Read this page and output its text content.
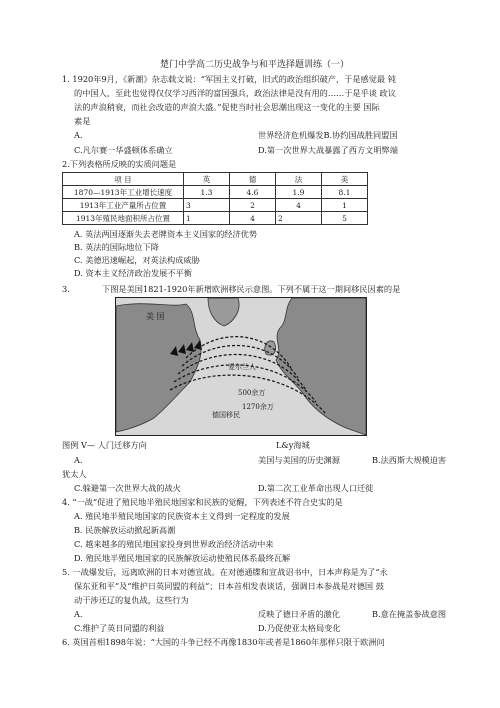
楚门中学高二历史战争与和平选择题训练（一）
1. 1920年9月，《新潮》杂志载文说：“军国主义打破，旧式的政治组织破产，于是感觉最 钝
的中国人，至此也觉得仅仅学习西洋的富国强兵，政治法律是没有用的……于是乎谈 政议
法的声浪稍衰，而社会改造的声浪大盛。”促使当时社会思潮出现这一变化的主要 国际
素是
A.	世界经济危机爆发B.协约国战胜同盟国
C.凡尔赛一华盛顿体系确立	D.第一次世界大战暴露了西方文明弊端
2.下列表格所反映的实质问题是
项 目	英	德	法	美
1870—1913年工业增长速度	1.3	4.6	1.9	8.1
1913年工业产量所占位置	3	2	4	1
1913年殖民地面积所占位置	1	4	2	5
A. 英法两国逐渐失去老牌资本主义国家的经济优势
B. 英法的国际地位下降
C. 美德迅速崛起，对英法构成威胁
D. 资本主义经济政治发展不平衡
3.	下图是美国1821-1920年新增欧洲移民示意图。下列不属于这一期间移民因素的是
美 国
爱尔兰人
500余万
1270余万
德国移民
图例 V— 人门迁移方向	L&y海城
A.	美国与美国的历史渊源	B.法西斯大规模迫害
犹太人
C.躲避第一次世界大战的战火	D.第二次工业革命出现人口迁徙
4. “一战”促进了殖民地半殖民地国家和民族的觉醒，下列表述不符合史实的是
A. 殖民地半殖民地国家的民族资本主义得到一定程度的发展
B. 民族解放运动掀起新高潮
C. 越来越多的殖民地国家投身到世界政治经济活动中来
D. 殖民地半殖民地国家的民族解放运动使殖民体系最终瓦解
5. 一战爆发后，远离欧洲的日本对德宣战。在对德通牒和宣战诏书中，日本声称是为了“永
保东亚和平”及“维护日英同盟的利益”；日本首相发表谈话，强调日本参战是对德国 鼓
动干涉还辽的复仇战，这些行为
A.	反映了德日矛盾的激化	B.意在掩盖参战意图
C.维护了英日同盟的利益	D.乃促使亚太格局变化
6. 英国首相1898年说：“大国的斗争已经不再像1830年或者是1860年那样只限于欧洲问
